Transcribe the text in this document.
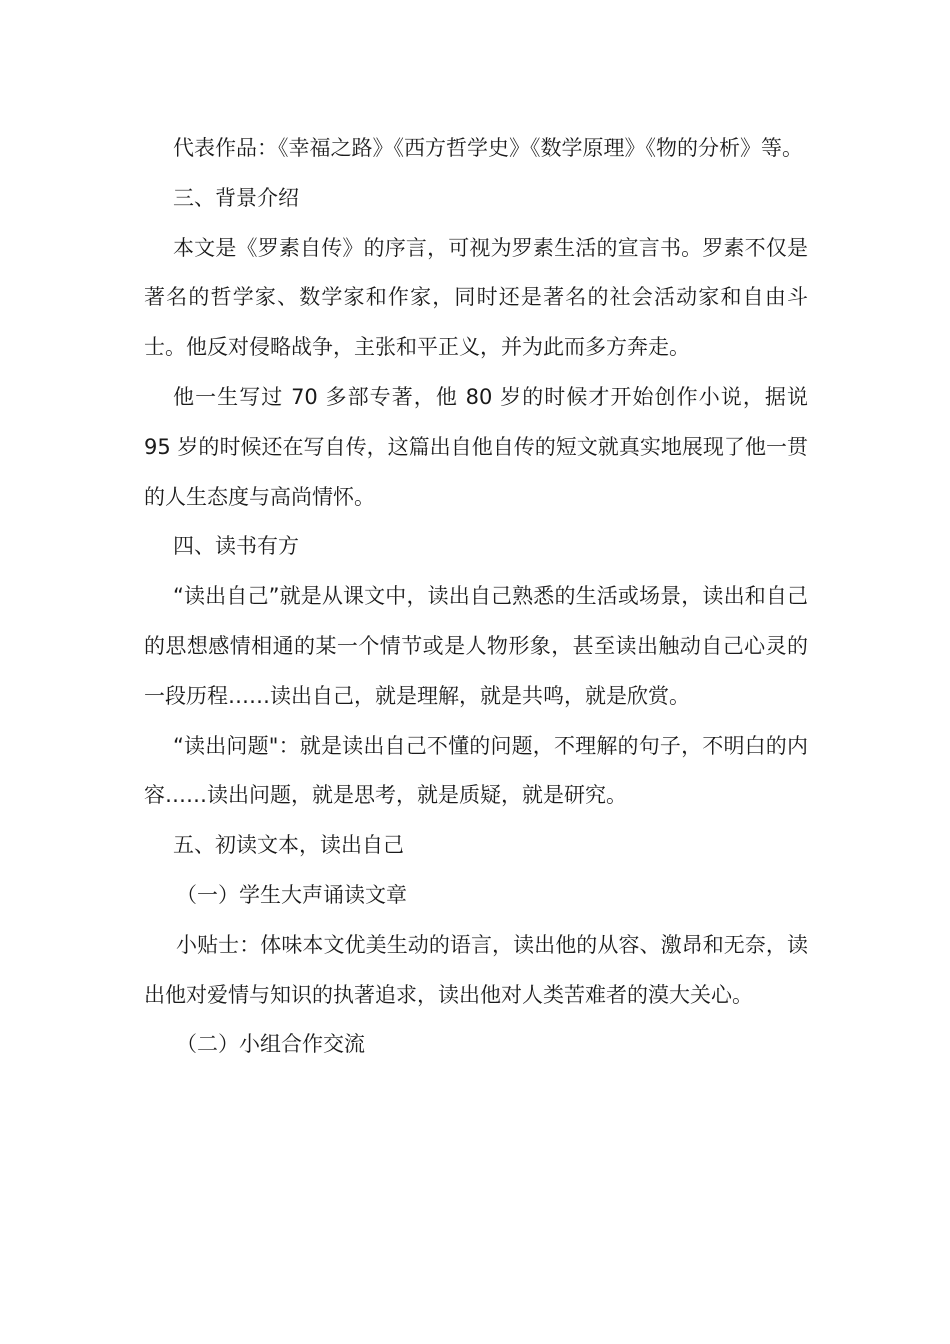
代表作品：《幸福之路》《西方哲学史》《数学原理》《物的分析》等。

三、背景介绍

本文是《罗素自传》的序言，可视为罗素生活的宣言书。罗素不仅是著名的哲学家、数学家和作家，同时还是著名的社会活动家和自由斗士。他反对侵略战争，主张和平正义，并为此而多方奔走。

他一生写过 70 多部专著，他 80 岁的时候才开始创作小说，据说 95 岁的时候还在写自传，这篇出自他自传的短文就真实地展现了他一贯的人生态度与高尚情怀。

四、读书有方

“读出自己”就是从课文中，读出自己熟悉的生活或场景，读出和自己的思想感情相通的某一个情节或是人物形象，甚至读出触动自己心灵的一段历程……读出自己，就是理解，就是共鸣，就是欣赏。

“读出问题"：就是读出自己不懂的问题，不理解的句子，不明白的内容……读出问题，就是思考，就是质疑，就是研究。

五、初读文本，读出自己

（一）学生大声诵读文章

小贴士：体味本文优美生动的语言，读出他的从容、激昂和无奈，读出他对爱情与知识的执著追求，读出他对人类苦难者的漠大关心。

（二）小组合作交流
